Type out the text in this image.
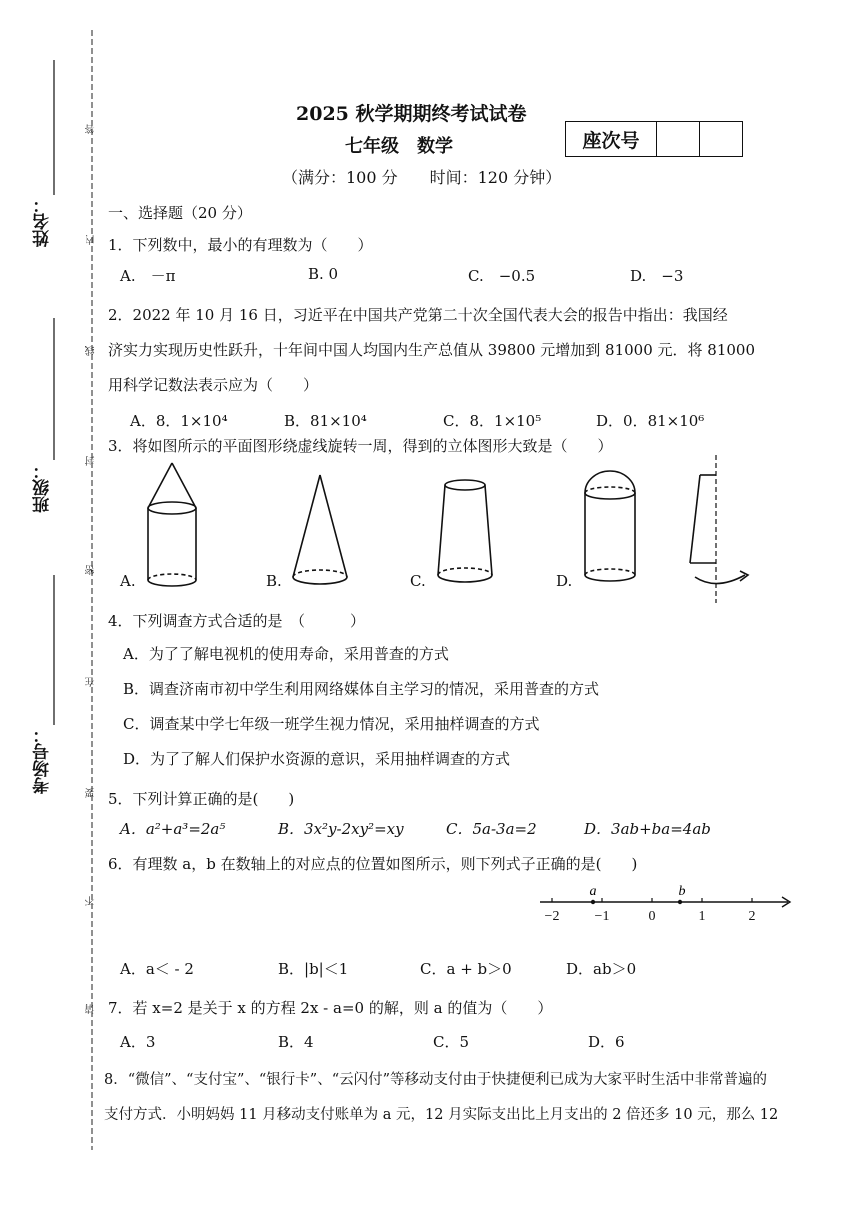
姓名：
班级：
考场号：
答
内
线
封
密
在
要
不
请
2025 秋学期期终考试试卷
七年级　数学
（满分：100 分　　时间：120 分钟）
座次号
一、选择题（20 分）
1．下列数中，最小的有理数为（　　）
A.　－π	B. 0	C.　−0.5	D.　−3
2．2022 年 10 月 16 日，习近平在中国共产党第二十次全国代表大会的报告中指出：我国经
济实力实现历史性跃升，十年间中国人均国内生产总值从 39800 元增加到 81000 元．将 81000
用科学记数法表示应为（　　）
A．8．1×10⁴	B．81×10⁴	C．8．1×10⁵	D．0．81×10⁶
3．将如图所示的平面图形绕虚线旋转一周，得到的立体图形大致是（　　）
A.	B.	C.	D.
4．下列调查方式合适的是　（　　　）
A．为了了解电视机的使用寿命，采用普查的方式
B．调查济南市初中学生利用网络媒体自主学习的情况，采用普查的方式
C．调查某中学七年级一班学生视力情况，采用抽样调查的方式
D．为了了解人们保护水资源的意识，采用抽样调查的方式
5．下列计算正确的是(　　)
A．a²+a³=2a⁵	B．3x²y-2xy²=xy	C．5a-3a=2	D．3ab+ba=4ab
6．有理数 a，b 在数轴上的对应点的位置如图所示，则下列式子正确的是(　　)
−2	−1	0	1	2
a	b
A．a＜ - 2	B．|b|＜1	C．a + b＞0	D．ab＞0
7．若 x=2 是关于 x 的方程 2x - a=0 的解，则 a 的值为（　　）
A．3	B．4	C．5	D．6
8．“微信”、“支付宝”、“银行卡”、“云闪付”等移动支付由于快捷便利已成为大家平时生活中非常普遍的
支付方式．小明妈妈 11 月移动支付账单为 a 元，12 月实际支出比上月支出的 2 倍还多 10 元，那么 12
